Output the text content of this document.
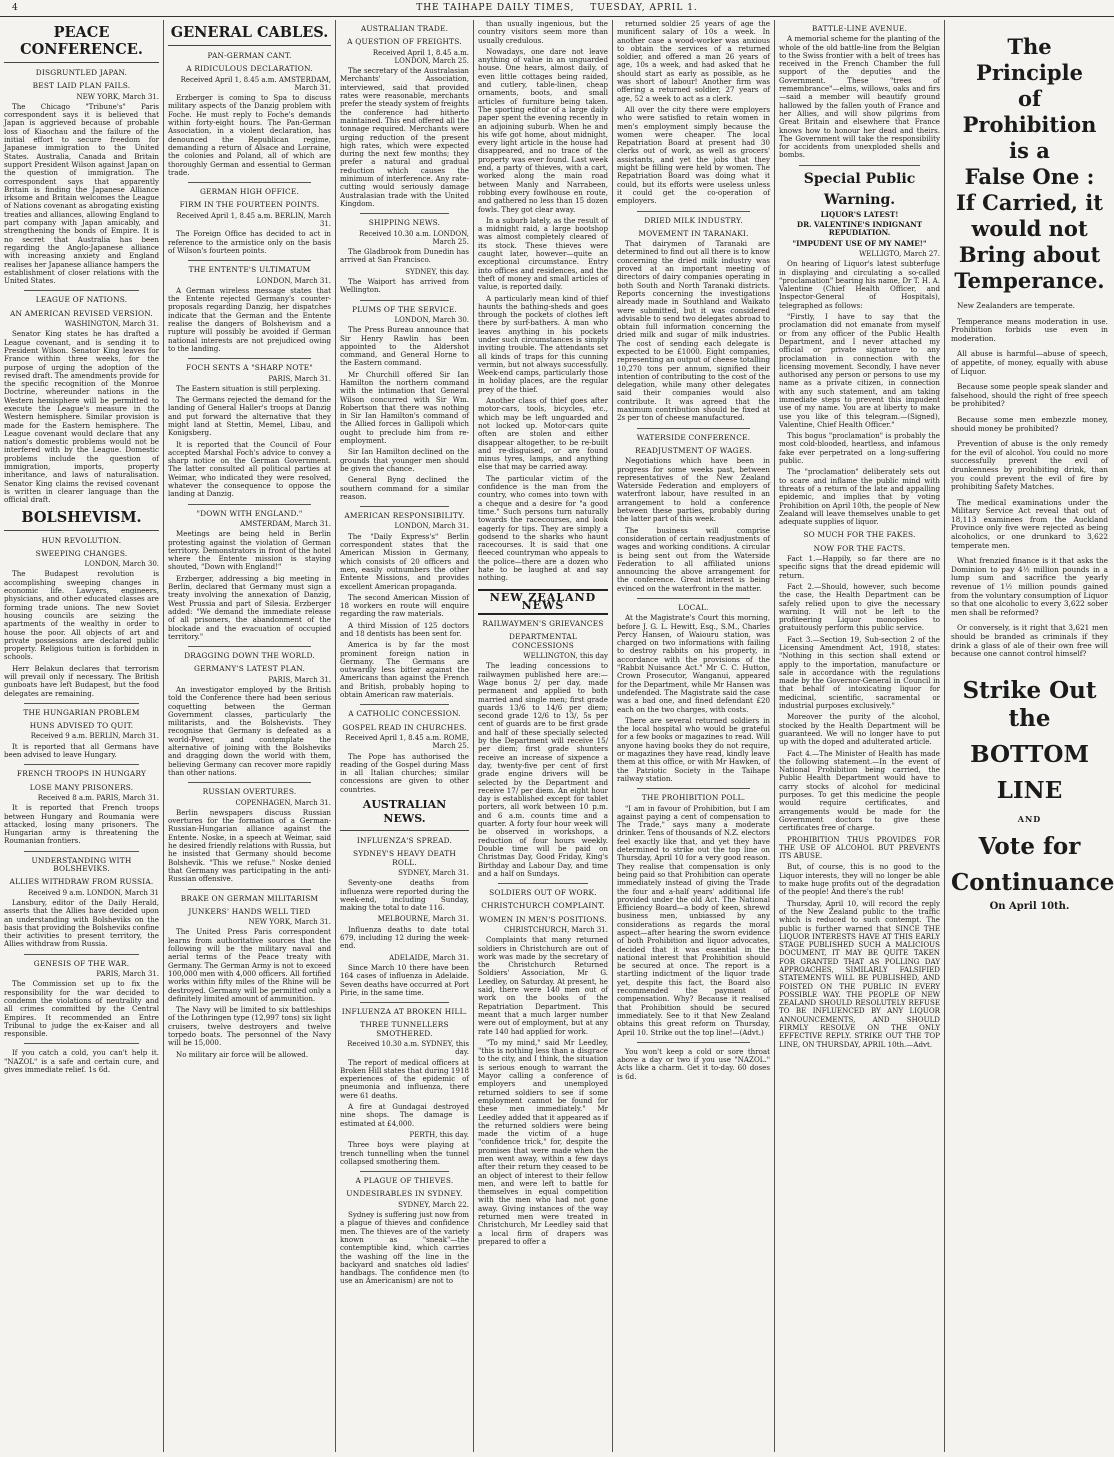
4	THE TAIHAPE DAILY TIMES, TUESDAY, APRIL 1.
PEACE CONFERENCE.
DISGRUNTLED JAPAN.
BEST LAID PLAN FAILS.
NEW YORK, March 31.

The Chicago "Tribune's" Paris correspondent says it is believed that Japan is aggrieved because of probable loss of Kiaochau and the failure of the initial effort to secure freedom for Japanese immigration to the United States. Australia, Canada and Britain support President Wilson against Japan on the question of immigration. The correspondent says that apparently Britain is finding the Japanese Alliance irksome and Britain welcomes the League of Nations covenant as abrogating existing treaties and alliances, allowing England to part company with Japan amicably, and strengthening the bonds of Empire. It is no secret that Australia has been regarding the Anglo-Japanese alliance with increasing anxiety and England realises her Japanese alliance hampers the establishment of closer relations with the United States.

LEAGUE OF NATIONS.
AN AMERICAN REVISED VERSION.
WASHINGTON, March 31.

Senator King states he has drafted a League covenant, and is sending it to President Wilson. Senator King leaves for France within three weeks, for the purpose of urging the adoption of the revised draft. The amendments provide for the specific recognition of the Monroe Doctrine, whereunder nations in the Western hemisphere will be permitted to execute the League's measure in the Western hemisphere. Similar provision is made for the Eastern hemisphere. The League covenant would declare that any nation's domestic problems would not be interfered with by the League. Domestic problems include the question of immigration, imports, property inheritance, and laws of naturalisation. Senator King claims the revised covenant is written in clearer language than the official draft.

BOLSHEVISM.
HUN REVOLUTION.
SWEEPING CHANGES.
LONDON, March 30.

The Budapest revolution is accomplishing sweeping changes in economic life. Lawyers, engineers, physicians, and other educated classes are forming trade unions. The new Soviet housing councils are seizing the apartments of the wealthy in order to house the poor. All objects of art and private possessions are declared public property. Religious tuition is forbidden in schools.

Herr Belakun declares that terrorism will prevail only if necessary. The British gunboats have left Budapest, but the food delegates are remaining.

THE HUNGARIAN PROBLEM
HUNS ADVISED TO QUIT.
Received 9 a.m. BERLIN, March 31.

It is reported that all Germans have been advised to leave Hungary.

FRENCH TROOPS IN HUNGARY
LOSE MANY PRISONERS.
Received 8 a.m. PARIS, March 31.

It is reported that French troops between Hungary and Roumania were attacked, losing many prisoners. The Hungarian army is threatening the Roumanian frontiers.

UNDERSTANDING WITH BOLSHEVIKS.
ALLIES WITHDRAW FROM RUSSIA.
Received 9 a.m. LONDON, March 31

Lansbury, editor of the Daily Herald, asserts that the Allies have decided upon an understanding with Bolsheviks on the basis that providing the Bolsheviks confine their activities to present territory, the Allies withdraw from Russia.

GENESIS OF THE WAR.
PARIS, March 31.

The Commission set up to fix the responsibility for the war decided to condemn the violations of neutrality and all crimes committed by the Central Empires. It recommended an Entre Tribunal to judge the ex-Kaiser and all responsible.

If you catch a cold, you can't help it. "NAZOL" is a safe and certain cure, and gives immediate relief. 1s 6d.

GENERAL CABLES.
PAN-GERMAN CANT.
A RIDICULOUS DECLARATION.
Received April 1, 8.45 a.m. AMSTERDAM, March 31.

Erzberger is coming to Spa to discuss military aspects of the Danzig problem with Foche. He must reply to Foche's demands within forty-eight hours. The Pan-German Association, in a violent declaration, has denounced the Republican regime, demanding a return of Alsace and Lorraine, the colonies and Poland, all of which are thoroughly German and essential to German trade.

GERMAN HIGH OFFICE.
FIRM IN THE FOURTEEN POINTS.
Received April 1, 8.45 a.m. BERLIN, March 31.

The Foreign Office has decided to act in reference to the armistice only on the basis of Wilson's fourteen points.

THE ENTENTE'S ULTIMATUM
LONDON, March 31.

A German wireless message states that the Entente rejected Germany's counter-proposals regarding Danzig, her dispatches indicate that the German and the Entente realise the dangers of Bolshevism and a rupture will possibly be avoided if German national interests are not prejudiced owing to the landing.

FOCH SENTS A "SHARP NOTE"
PARIS, March 31.

The Eastern situation is still perplexing.

The Germans rejected the demand for the landing of General Haller's troops at Danzig and put forward the alternative that they might land at Stettin, Memel, Libau, and Konigsberg.

It is reported that the Council of Four accepted Marshal Foch's advice to convey a sharp notice on the German Government. The latter consulted all political parties at Weimar, who indicated they were resolved, whatever the consequence to oppose the landing at Danzig.

"DOWN WITH ENGLAND."
AMSTERDAM, March 31.

Meetings are being held in Berlin protesting against the violation of German territory. Demonstrators in front of the hotel where the Entente mission is staying shouted, "Down with England!"

Erzberger, addressing a big meeting in Berlin, declared that Germany must sign a treaty involving the annexation of Danzig, West Prussia and part of Silesia. Erzberger added: "We demand the immediate release of all prisoners, the abandonment of the blockade and the evacuation of occupied territory."

DRAGGING DOWN THE WORLD.
GERMANY'S LATEST PLAN.
PARIS, March 31.

An investigator employed by the British told the Conference there had been serious coquetting between the German Government classes, particularly the militarists, and the Bolshevists. They recognise that Germany is defeated as a world-Power, and contemplate the alternative of joining with the Bolsheviks and dragging down the world with them, believing Germany can recover more rapidly than other nations.

RUSSIAN OVERTURES.
COPENHAGEN, March 31.

Berlin newspapers discuss Russian overtures for the formation of a German-Russian-Hungarian alliance against the Entente. Noske, in a speech at Weimar, said he desired friendly relations with Russia, but he insisted that Germany should become Bolshevik. "This we refuse." Noske denied that Germany was participating in the anti-Russian offensive.

BRAKE ON GERMAN MILITARISM
JUNKERS' HANDS WELL TIED
NEW YORK, March 31.

The United Press Paris correspondent learns from authoritative sources that the following will be the military naval and aerial terms of the Peace treaty with Germany. The German Army is not to exceed 100,000 men with 4,000 officers. All fortified works within fifty miles of the Rhine will be destroyed. Germany will be permitted only a definitely limited amount of ammunition.

The Navy will be limited to six battleships of the Lothringen type (12,997 tons) six light cruisers, twelve destroyers and twelve torpedo boats. The personnel of the Navy will be 15,000.

No military air force will be allowed.

AUSTRALIAN TRADE.
A QUESTION OF FREIGHTS.
Received April 1, 8.45 a.m. LONDON, March 25.

The secretary of the Australasian Merchants' Association, interviewed, said that provided rates were reasonable, merchants prefer the steady system of freights the conference had hitherto maintained. This end offered all the tonnage required. Merchants were urging reduction of the present high rates, which were expected during the next few months; they prefer a natural and gradual reduction which causes the minimum of interference. Any rate-cutting would seriously damage Australasian trade with the United Kingdom.

SHIPPING NEWS.
Received 10.30 a.m. LONDON, March 25.

The Gladbrook from Dunedin has arrived at San Francisco.

SYDNEY, this day.

The Waiport has arrived from Wellington.

PLUMS OF THE SERVICE.
LONDON, March 30.

The Press Bureau announce that Sir Henry Rawlin has been appointed to the Aldershot command, and General Horne to the Eastern command.

Mr Churchill offered Sir Ian Hamilton the northern command with the intimation that General Wilson concurred with Sir Wm. Robertson that there was nothing in Sir Ian Hamilton's command of the Allied forces in Gallipoli which ought to preclude him from re-employment.

Sir Ian Hamilton declined on the grounds that younger men should be given the chance.

General Byng declined the southern command for a similar reason.

AMERICAN RESPONSIBILITY.
LONDON, March 31.

The "Daily Express's" Berlin correspondent states that the American Mission in Germany, which consists of 20 officers and men, easily outnumbers the other Entente Missions, and provides excellent American propaganda.

The second American Mission of 18 workers en route will enquire regarding the raw materials.

A third Mission of 125 doctors and 18 dentists has been sent for.

America is by far the most prominent foreign nation in Germany. The Germans are outwardly less bitter against the Americans than against the French and British, probably hoping to obtain American raw materials.

A CATHOLIC CONCESSION.
GOSPEL READ IN CHURCHES.
Received April 1, 8.45 a.m. ROME, March 25.

The Pope has authorised the reading of the Gospel during Mass in all Italian churches; similar concessions are given to other countries.

AUSTRALIAN NEWS.
INFLUENZA'S SPREAD.
SYDNEY'S HEAVY DEATH ROLL.
SYDNEY, March 31.

Seventy-one deaths from influenza were reported during the week-end, including Sunday, making the total to date 116.

MELBOURNE, March 31.

Influenza deaths to date total 679, including 12 during the week-end.

ADELAIDE, March 31.

Since March 10 there have been 164 cases of influenza in Adelaide. Seven deaths have occurred at Port Pirie, in the same time.

INFLUENZA AT BROKEN HILL.
THREE TUNNELLERS SMOTHERED.
Received 10.30 a.m. SYDNEY, this day.

The report of medical officers at Broken Hill states that during 1918 experiences of the epidemic of pneumonia and influenza, there were 61 deaths.

A fire at Gundagai destroyed nine shops. The damage is estimated at £4,000.

PERTH, this day.

Three boys were playing at trench tunnelling when the tunnel collapsed smothering them.

A PLAGUE OF THIEVES.
UNDESIRABLES IN SYDNEY.
SYDNEY, March 22.

Sydney is suffering just now from a plague of thieves and confidence men. The thieves are of the variety known as "sneak"—the contemptible kind, which carries the washing off the line in the backyard and snatches old ladies' handbags. The confidence men (to use an Americanism) are not to

than usually ingenious, but the country visitors seem more than usually credulous.

Nowadays, one dare not leave anything of value in an unguarded house. One hears, almost daily, of even little cottages being raided, and cutlery, table-linen, cheap ornaments, boots, and small articles of furniture being taken. The sporting editor of a large daily paper spent the evening recently in an adjoining suburb. When he and his wife got home, about midnight, every light article in the house had disappeared, and no trace of the property was ever found. Last week end, a party of thieves, with a cart, worked along the main road between Manly and Narrabeen, robbing every fowlhouse en route, and gathered no less than 15 dozen fowls. They got clear away.

In a suburb lately, as the result of a midnight raid, a large bootshop was almost completely cleared of its stock. These thieves were caught later, however—quite an exceptional circumstance. Entry into offices and residences, and the theft of money and small articles of value, is reported daily.

A particularly mean kind of thief haunts the bathing-sheds and goes through the pockets of clothes left there by surf-bathers. A man who leaves anything in his pockets under such circumstances is simply inviting trouble. The attendants set all kinds of traps for this cunning vermin, but not always successfully. Week-end camps, particularly those in holiday places, are the regular prey of the thief.

Another class of thief goes after motor-cars, tools, bicycles, etc., which may be left unguarded and not locked up. Motor-cars quite often are stolen and either disappear altogether, to be re-built and re-disguised, or are found minus tyres, lamps, and anything else that may be carried away.

The particular victim of the confidence is the man from the country, who comes into town with a cheque and a desire for "a good time." Such persons turn naturally towards the racecourses, and look eagerly for tips. They are simply a godsend to the sharks who haunt racecourses. It is said that one fleeced countryman who appeals to the police—there are a dozen who hate to be laughed at and say nothing.

NEW ZEALAND NEWS
RAILWAYMEN'S GRIEVANCES
DEPARTMENTAL CONCESSIONS
WELLINGTON, this day

The leading concessions to railwaymen published here are:—Wage bonus 2/ per day, made permanent and applied to both married and single men; first grade guards 13/6 to 14/6 per diem; second grade 12/6 to 13/, 5s per cent of guards are to be first grade and half of these specially selected by the Department will receive 15/ per diem; first grade shunters receive an increase of sixpence a day, twenty-five per cent of first grade engine drivers will be selected by the Department and receive 17/ per diem. An eight hour day is established except for tablet porters, all work between 10 p.m. and 6 a.m. counts time and a quarter. A forty four hour week will be observed in workshops, a reduction of four hours weekly. Double time will be paid on Christmas Day, Good Friday, King's Birthday and Labour Day, and time and a half on Sundays.

SOLDIERS OUT OF WORK.
CHRISTCHURCH COMPLAINT.
WOMEN IN MEN'S POSITIONS.
CHRISTCHURCH, March 31.

Complaints that many returned soldiers in Christchurch are out of work was made by the secretary of the Christchurch Returned Soldiers' Association, Mr G. Leedley, on Saturday. At present, he said, there were 140 men out of work on the books of the Repatriation Department. This meant that a much larger number were out of employment, but at any rate 140 had applied for work.

"To my mind," said Mr Leedley, "this is nothing less than a disgrace to the city, and I think, the situation is serious enough to warrant the Mayor calling a conference of employers and unemployed returned soldiers to see if some employment cannot be found for these men immediately." Mr Leedley added that it appeared as if the returned soldiers were being made the victim of a huge "confidence trick," for, despite the promises that were made when the men went away, within a few days after their return they ceased to be an object of interest to their fellow men, and were left to battle for themselves in equal competition with the men who had not gone away. Giving instances of the way returned men were treated in Christchurch, Mr Leedley said that a local firm of drapers was prepared to offer a

returned soldier 25 years of age the munificent salary of 10s a week. In another case a wood-worker was anxious to obtain the services of a returned soldier, and offered a man 26 years of age, 10s a week, and had asked that he should start as early as possible, as he was short of labour! Another firm was offering a returned soldier, 27 years of age, 52 a week to act as a clerk.

All over the city there were employers who were satisfied to retain women in men's employment simply because the women were cheaper. The local Repatriation Board at present had 30 clerks out of work, as well as grocers' assistants, and yet the jobs that they might be filling were held by women. The Repatriation Board was doing what it could, but its efforts were useless unless it could get the co-operation of employers.

DRIED MILK INDUSTRY.
MOVEMENT IN TARANAKI.

That dairymen of Taranaki are determined to find out all there is to know concerning the dried milk industry was proved at an important meeting of directors of dairy companies operating in both South and North Taranaki districts. Reports concerning the investigations already made in Southland and Waikato were submitted, but it was considered advisable to send two delegates abroad to obtain full information concerning the dried milk and sugar of milk industries. The cost of sending each delegate is expected to be £1000. Eight companies, representing an output of cheese totalling 10,270 tons per annum, signified their intention of contributing to the cost of the delegation, while many other delegates said their companies would also contribute. It was agreed that the maximum contribution should be fixed at 2s per ton of cheese manufactured.

WATERSIDE CONFERENCE.
READJUSTMENT OF WAGES.

Negotiations which have been in progress for some weeks past, between representatives of the New Zealand Waterside Federation and employers of waterfront labour, have resulted in an arrangement to hold a conference between these parties, probably during the latter part of this week.

The business will comprise consideration of certain readjustments of wages and working conditions. A circular is being sent out from the Waterside Federation to all affiliated unions announcing the above arrangement for the conference. Great interest is being evinced on the waterfront in the matter.

LOCAL.

At the Magistrate's Court this morning, before J. G. L. Hewitt, Esq., S.M., Charles Percy Hansen, of Waiouru station, was charged on two informations with failing to destroy rabbits on his property, in accordance with the provisions of the "Rabbit Nuisance Act." Mr C. C. Hutton, Crown Prosecutor, Wanganui, appeared for the Department, while Mr Hansen was undefended. The Magistrate said the case was a bad one, and fined defendant £20 each on the two charges, with costs.

There are several returned soldiers in the local hospital who would be grateful for a few books or magazines to read. Will anyone having books they do not require, or magazines they have read, kindly leave them at this office, or with Mr Hawken, of the Patriotic Society in the Taihape railway station.

THE PROHIBITION POLL.

"I am in favour of Prohibition, but I am against paying a cent of compensation to The Trade," says many a moderate drinker. Tens of thousands of N.Z. electors feel exactly like that, and yet they have determined to strike out the top line on Thursday, April 10 for a very good reason. They realise that compensation is only being paid so that Prohibition can operate immediately instead of giving the Trade the four and a-half years' additional life provided under the old Act. The National Efficiency Board—a body of keen, shrewd business men, unbiassed by any considerations as regards the moral aspect—after hearing the sworn evidence of both Prohibition and liquor advocates, decided that it was essential in the national interest that Prohibition should be secured at once. The report is a startling indictment of the liquor trade yet, despite this fact, the Board also recommended the payment of compensation. Why? Because it realised that Prohibition should be secured immediately. See to it that New Zealand obtains this great reform on Thursday, April 10. Strike out the top line!—(Advt.)

You won't keep a cold or sore throat above a day or two if you use "NAZOL." Acts like a charm. Get it to-day. 60 doses is 6d.

BATTLE-LINE AVENUE.

A memorial scheme for the planting of the whole of the old battle-line from the Belgian to the Swiss frontier with a belt of trees has received in the French Chamber the full support of the deputies and the Government. These "trees of remembrance"—elms, willows, oaks and firs—said a member will beautify ground hallowed by the fallen youth of France and her Allies, and will show pilgrims from Great Britain and elsewhere that France knows how to honour her dead and theirs. The Government will take the responsibility for accidents from unexploded shells and bombs.

Special Public
Warning.
LIQUOR'S LATEST!
DR. VALENTINE'S INDIGNANT REPUDIATION.
"IMPUDENT USE OF MY NAME!"
WELLIGTO, March 27.

On hearing of Liquor's latest subterfuge in displaying and circulating a so-called "proclamation" bearing his name, Dr T. H. A. Valentine (Chief Health Officer, and Inspector-General of Hospitals), telegraphed as follows:

"Firstly, I have to say that the proclamation did not emanate from myself or from any officer of the Public Health Department, and I never attached my official or private signature to any proclamation in connection with the licensing movement. Secondly, I have never authorised any person or persons to use my name as a private citizen, in connection with any such statement, and am taking immediate steps to prevent this impudent use of my name. You are at liberty to make use you like of this telegram.—(Signed), Valentine, Chief Health Officer."

This bogus "proclamation" is probably the most cold-blooded, heartless, and infamous fake ever perpetrated on a long-suffering public.

The "proclamation" deliberately sets out to scare and inflame the public mind with threats of a return of the late and appalling epidemic, and implies that by voting Prohibition on April 10th, the people of New Zealand will leave themselves unable to get adequate supplies of liquor.

SO MUCH FOR THE FAKES.
NOW FOR THE FACTS.

Fact 1.—Happily, so far there are no specific signs that the dread epidemic will return.

Fact 2.—Should, however, such become the case, the Health Department can be safely relied upon to give the necessary warning. It will not be left to the profiteering Liquor monopolies to gratuitously perform this public service.

Fact 3.—Section 19, Sub-section 2 of the Licensing Amendment Act, 1918, states: "Nothing in this section shall extend or apply to the importation, manufacture or sale in accordance with the regulations made by the Governor-General in Council in that behalf of intoxicating liquor for medicinal, scientific, sacramental or industrial purposes exclusively."

Moreover the purity of the alcohol, stocked by the Health Department will be guaranteed. We will no longer have to put up with the doped and adulterated article.

Fact 4.—The Minister of Health has made the following statement.—In the event of National Prohibition being carried, the Public Health Department would have to carry stocks of alcohol for medicinal purposes. To get this medicine the people would require certificates, and arrangements would be made for the Government doctors to give these certificates free of charge.

PROHIBITION THUS PROVIDES FOR THE USE OF ALCOHOL BUT PREVENTS ITS ABUSE.

But, of course, this is no good to the Liquor interests, they will no longer be able to make huge profits out of the degradation of the people! And there's the rub!

Thursday, April 10, will record the reply of the New Zealand public to the traffic which is reduced to such contempt. The public is further warned that SINCE THE LIQUOR INTERESTS HAVE AT THIS EARLY STAGE PUBLISHED SUCH A MALICIOUS DOCUMENT, IT MAY BE QUITE TAKEN FOR GRANTED THAT AS POLLING DAY APPROACHES, SIMILARLY FALSIFIED STATEMENTS WILL BE PUBLISHED, AND FOISTED ON THE PUBLIC IN EVERY POSSIBLE WAY. THE PEOPLE OF NEW ZEALAND SHOULD RESOLUTELY REFUSE TO BE INFLUENCED BY ANY LIQUOR ANNOUNCEMENTS, AND SHOULD FIRMLY RESOLVE ON THE ONLY EFFECTIVE REPLY. STRIKE OUT THE TOP LINE, ON THURSDAY, APRIL 10th.—Advt.

The Principle
of
Prohibition
is a
False One :
If Carried, it
would not
Bring about
Temperance.

New Zealanders are temperate.

Temperance means moderation in use. Prohibition forbids use even in moderation.

All abuse is harmful—abuse of speech, of appetite, of money, equally with abuse of Liquor.

Because some people speak slander and falsehood, should the right of free speech be prohibited?

Because some men embezzle money, should money be prohibited?

Prevention of abuse is the only remedy for the evil of alcohol. You could no more successfully prevent the evil of drunkenness by prohibiting drink, than you could prevent the evil of fire by prohibiting Safety Matches.

The medical examinations under the Military Service Act reveal that out of 18,113 examinees from the Auckland Province only five were rejected as being alcoholics, or one drunkard to 3,622 temperate men.

What frenzied finance is it that asks the Dominion to pay 4½ million pounds in a lump sum and sacrifice the yearly revenue of 1½ million pounds gained from the voluntary consumption of Liquor so that one alcoholic to every 3,622 sober men shall be reformed?

Or conversely, is it right that 3,621 men should be branded as criminals if they drink a glass of ale of their own free will because one cannot control himself?

Strike Out the
BOTTOM
LINE
AND
Vote for
Continuance
On April 10th.
